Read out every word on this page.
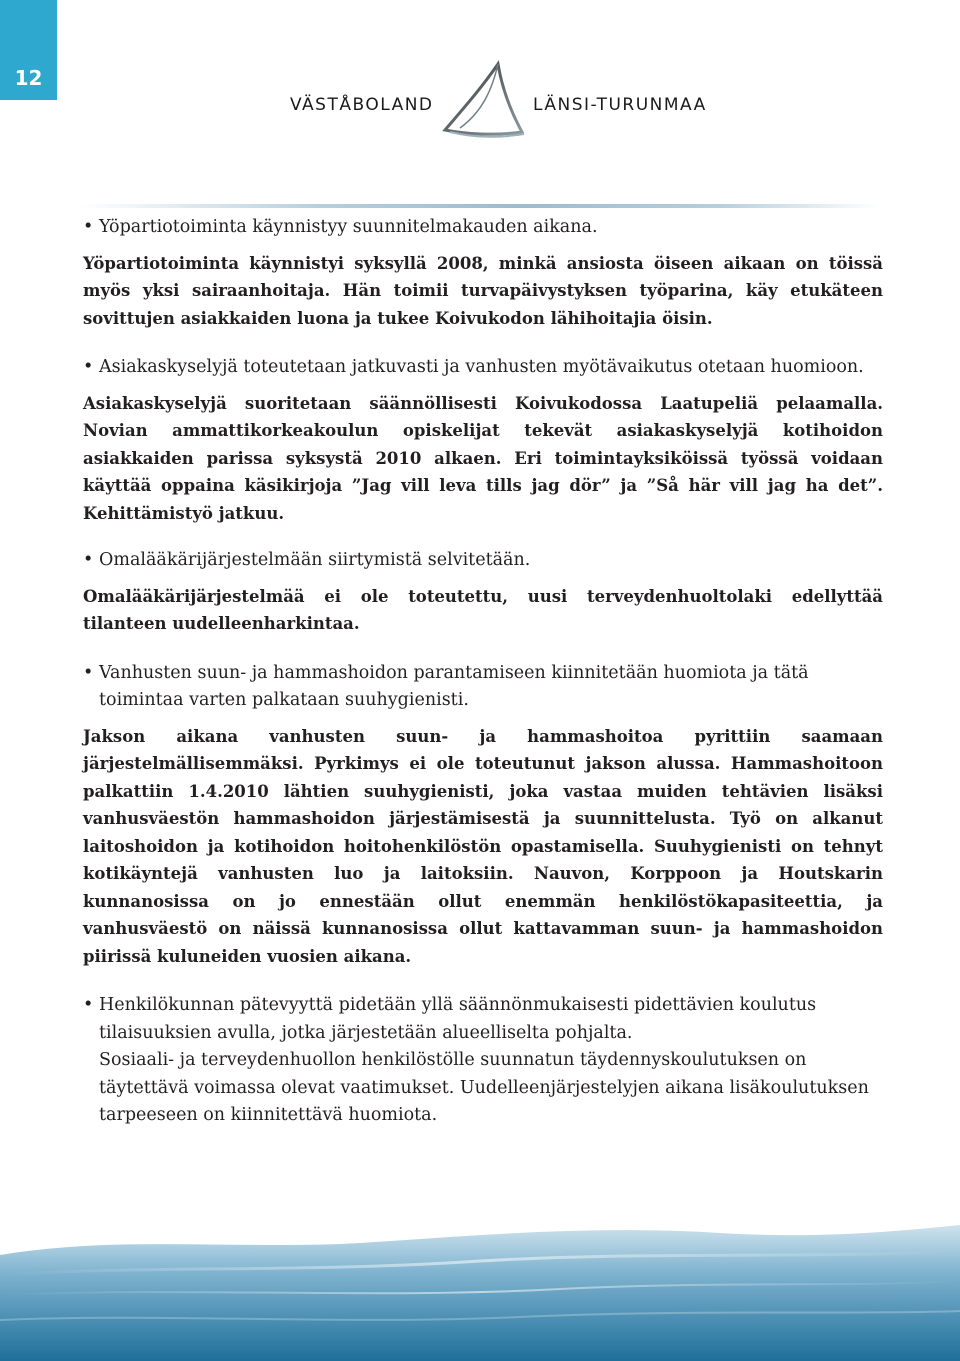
12
VÄSTÅBOLAND	LÄNSI-TURUNMAA

• Yöpartiotoiminta käynnistyy suunnitelmakauden aikana.

Yöpartiotoiminta käynnistyi syksyllä 2008, minkä ansiosta öiseen aikaan on töissä myös yksi sairaanhoitaja. Hän toimii turvapäivystyksen työparina, käy etukäteen sovittujen asiakkaiden luona ja tukee Koivukodon lähihoitajia öisin.

• Asiakaskyselyjä toteutetaan jatkuvasti ja vanhusten myötävaikutus otetaan huomioon.

Asiakaskyselyjä suoritetaan säännöllisesti Koivukodossa Laatupeliä pelaamalla. Novian ammattikorkeakoulun opiskelijat tekevät asiakaskyselyjä kotihoidon asiakkaiden parissa syksystä 2010 alkaen. Eri toimintayksiköissä työssä voidaan käyttää oppaina käsikirjoja ”Jag vill leva tills jag dör” ja ”Så här vill jag ha det”. Kehittämistyö jatkuu.

• Omalääkärijärjestelmään siirtymistä selvitetään.

Omalääkärijärjestelmää ei ole toteutettu, uusi terveydenhuoltolaki edellyttää tilanteen uudelleenharkintaa.

• Vanhusten suun- ja hammashoidon parantamiseen kiinnitetään huomiota ja tätä toimintaa varten palkataan suuhygienisti.

Jakson aikana vanhusten suun- ja hammashoitoa pyrittiin saamaan järjestelmällisemmäksi. Pyrkimys ei ole toteutunut jakson alussa. Hammashoitoon palkattiin 1.4.2010 lähtien suuhygienisti, joka vastaa muiden tehtävien lisäksi vanhusväestön hammashoidon järjestämisestä ja suunnittelusta. Työ on alkanut laitoshoidon ja kotihoidon hoitohenkilöstön opastamisella. Suuhygienisti on tehnyt kotikäyntejä vanhusten luo ja laitoksiin. Nauvon, Korppoon ja Houtskarin kunnanosissa on jo ennestään ollut enemmän henkilöstökapasiteettia, ja vanhusväestö on näissä kunnanosissa ollut kattavamman suun- ja hammashoidon piirissä kuluneiden vuosien aikana.

• Henkilökunnan pätevyyttä pidetään yllä säännönmukaisesti pidettävien koulutus tilaisuuksien avulla, jotka järjestetään alueelliselta pohjalta.

Sosiaali- ja terveydenhuollon henkilöstölle suunnatun täydennyskoulutuksen on täytettävä voimassa olevat vaatimukset. Uudelleenjärjestelyjen aikana lisäkoulutuksen tarpeeseen on kiinnitettävä huomiota.
